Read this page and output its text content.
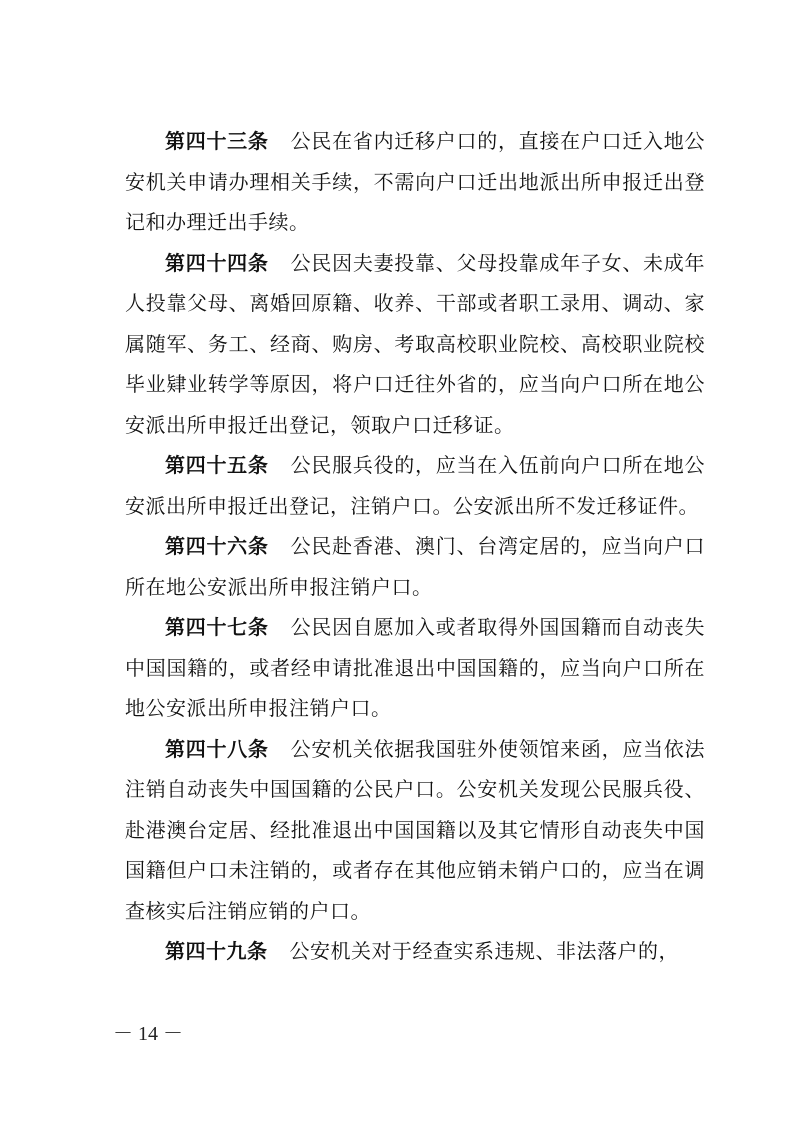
第四十三条 公民在省内迁移户口的，直接在户口迁入地公安机关申请办理相关手续，不需向户口迁出地派出所申报迁出登记和办理迁出手续。

第四十四条 公民因夫妻投靠、父母投靠成年子女、未成年人投靠父母、离婚回原籍、收养、干部或者职工录用、调动、家属随军、务工、经商、购房、考取高校职业院校、高校职业院校毕业肄业转学等原因，将户口迁往外省的，应当向户口所在地公安派出所申报迁出登记，领取户口迁移证。

第四十五条 公民服兵役的，应当在入伍前向户口所在地公安派出所申报迁出登记，注销户口。公安派出所不发迁移证件。

第四十六条 公民赴香港、澳门、台湾定居的，应当向户口所在地公安派出所申报注销户口。

第四十七条 公民因自愿加入或者取得外国国籍而自动丧失中国国籍的，或者经申请批准退出中国国籍的，应当向户口所在地公安派出所申报注销户口。

第四十八条 公安机关依据我国驻外使领馆来函，应当依法注销自动丧失中国国籍的公民户口。公安机关发现公民服兵役、赴港澳台定居、经批准退出中国国籍以及其它情形自动丧失中国国籍但户口未注销的，或者存在其他应销未销户口的，应当在调查核实后注销应销的户口。

第四十九条 公安机关对于经查实系违规、非法落户的，

－ 14 －
